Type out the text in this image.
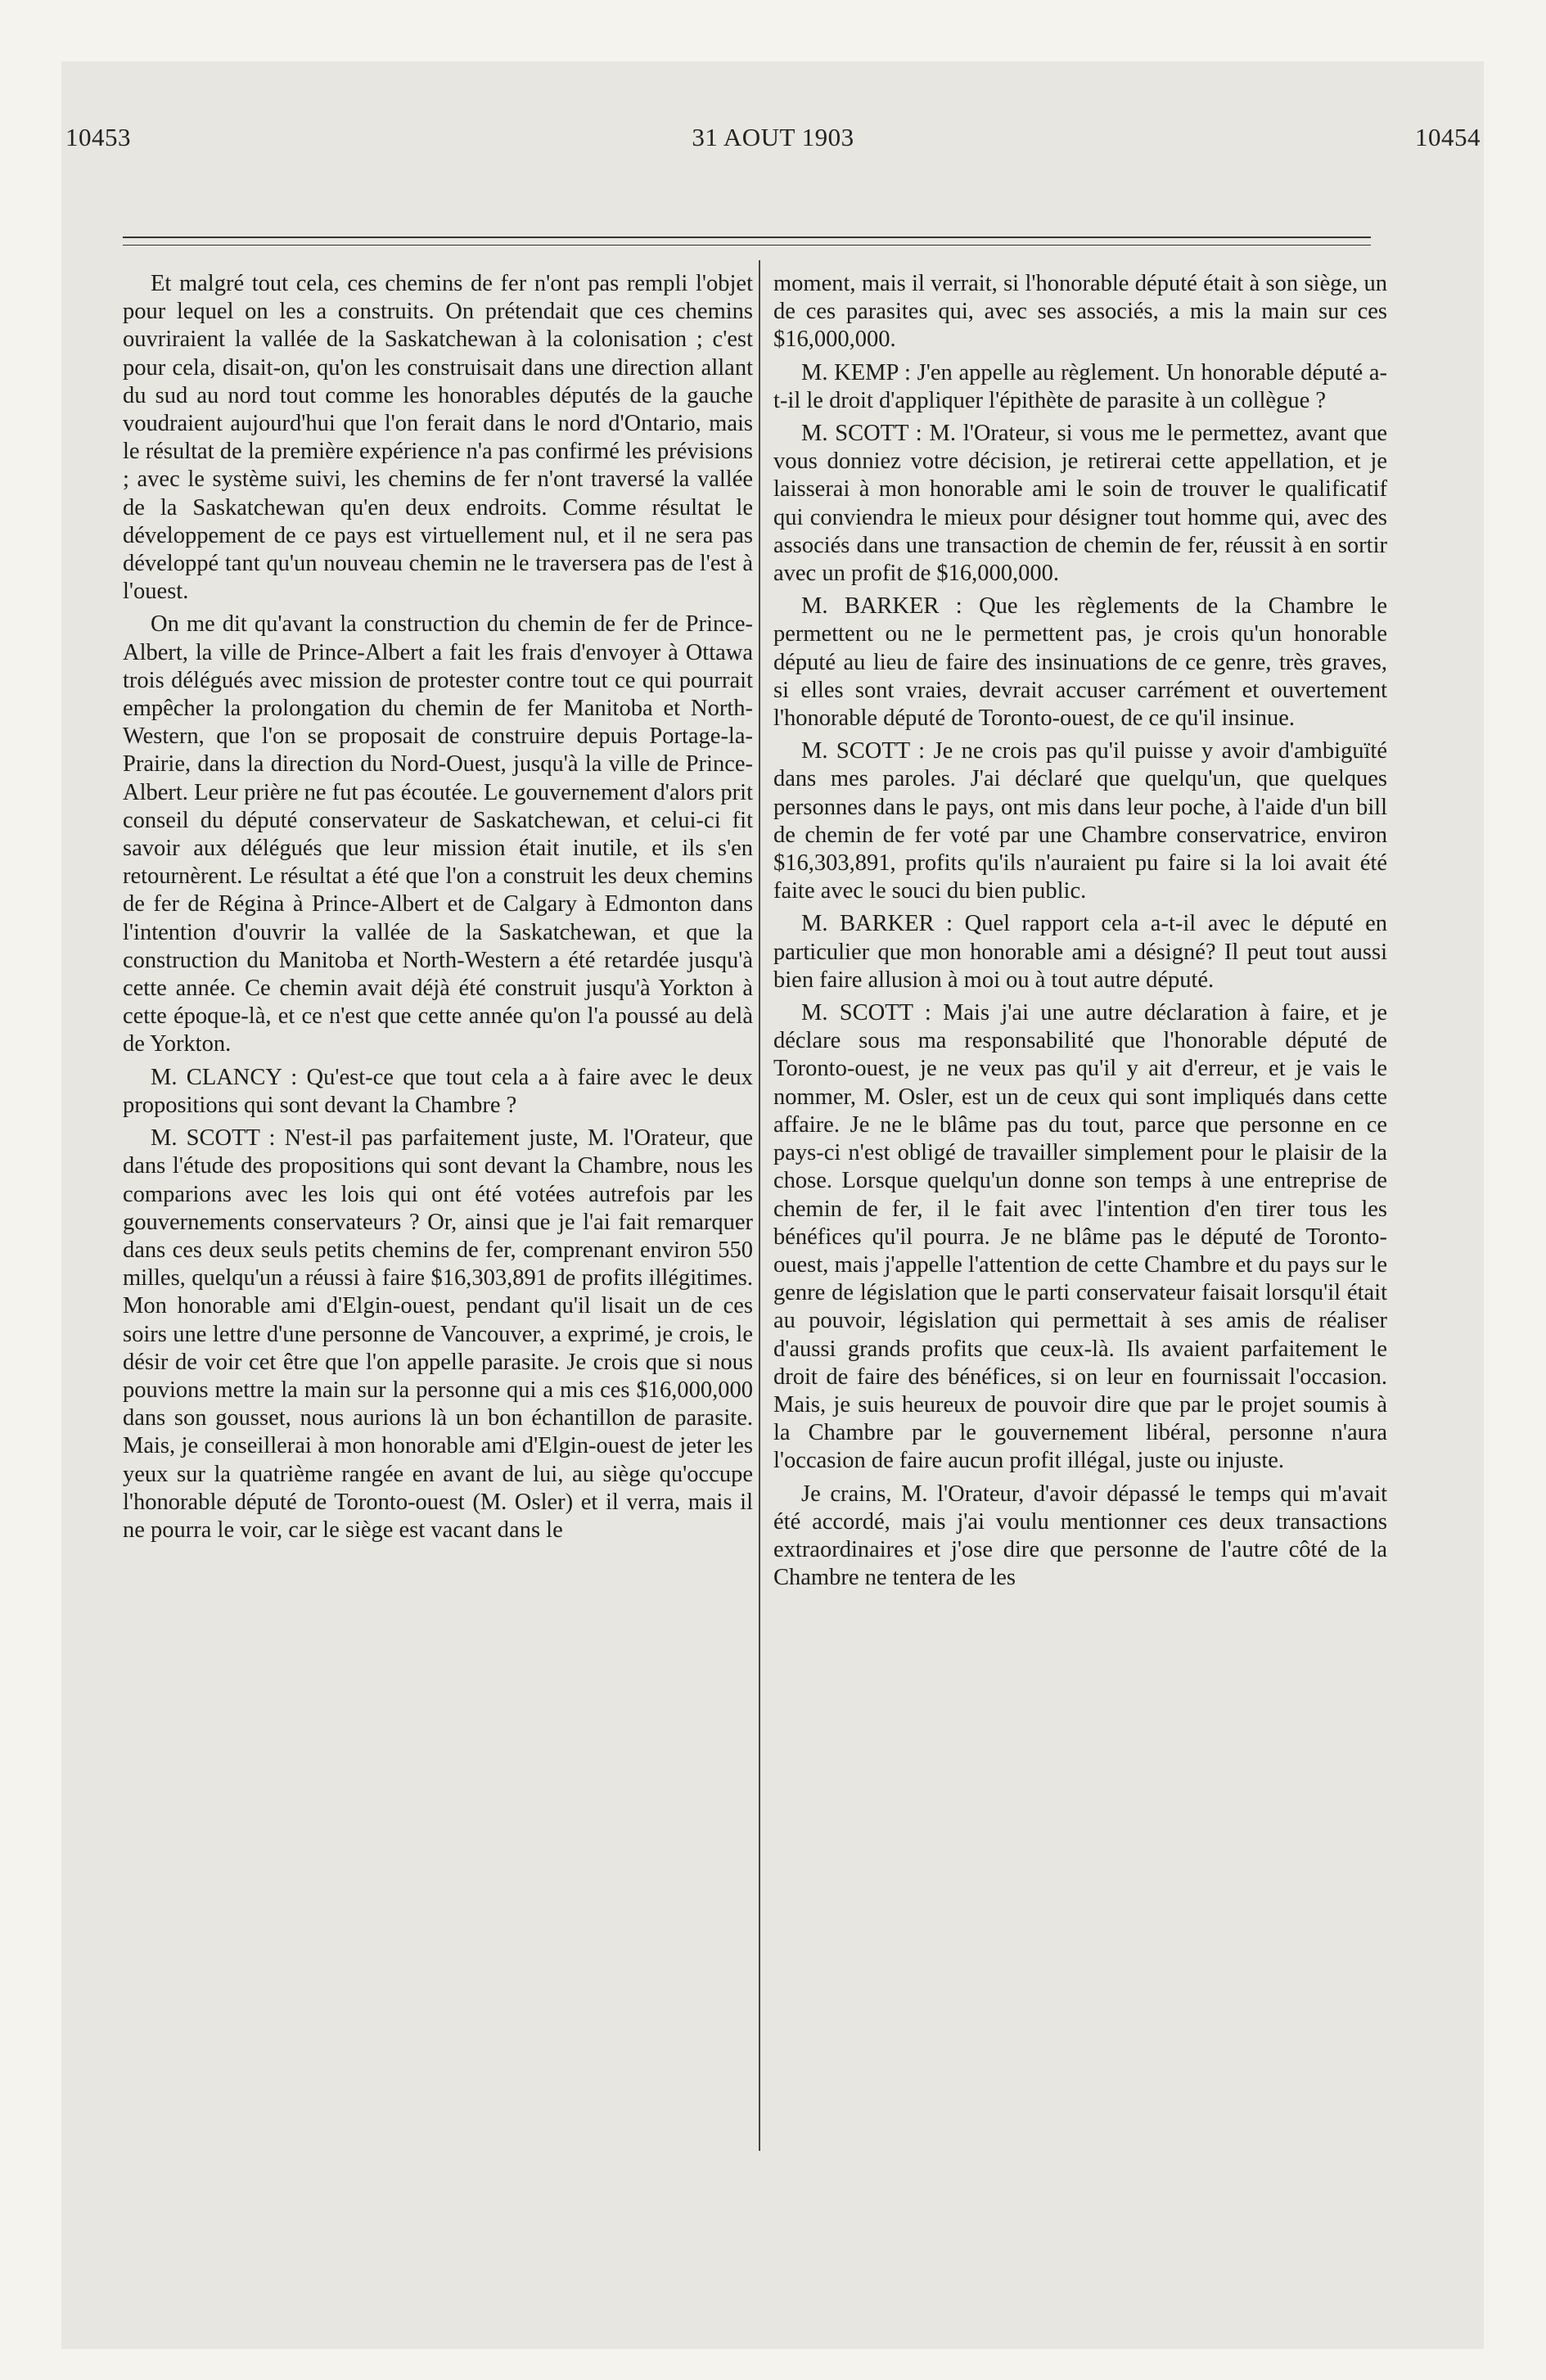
10453	31 AOUT 1903	10454

Et malgré tout cela, ces chemins de fer n'ont pas rempli l'objet pour lequel on les a construits. On prétendait que ces chemins ouvriraient la vallée de la Saskatchewan à la colonisation ; c'est pour cela, disait-on, qu'on les construisait dans une direction allant du sud au nord tout comme les honorables députés de la gauche voudraient aujourd'hui que l'on ferait dans le nord d'Ontario, mais le résultat de la première expérience n'a pas confirmé les prévisions ; avec le système suivi, les chemins de fer n'ont traversé la vallée de la Saskatchewan qu'en deux endroits. Comme résultat le développement de ce pays est virtuellement nul, et il ne sera pas développé tant qu'un nouveau chemin ne le traversera pas de l'est à l'ouest.

On me dit qu'avant la construction du chemin de fer de Prince-Albert, la ville de Prince-Albert a fait les frais d'envoyer à Ottawa trois délégués avec mission de protester contre tout ce qui pourrait empêcher la prolongation du chemin de fer Manitoba et North-Western, que l'on se proposait de construire depuis Portage-la-Prairie, dans la direction du Nord-Ouest, jusqu'à la ville de Prince-Albert. Leur prière ne fut pas écoutée. Le gouvernement d'alors prit conseil du député conservateur de Saskatchewan, et celui-ci fit savoir aux délégués que leur mission était inutile, et ils s'en retournèrent. Le résultat a été que l'on a construit les deux chemins de fer de Régina à Prince-Albert et de Calgary à Edmonton dans l'intention d'ouvrir la vallée de la Saskatchewan, et que la construction du Manitoba et North-Western a été retardée jusqu'à cette année. Ce chemin avait déjà été construit jusqu'à Yorkton à cette époque-là, et ce n'est que cette année qu'on l'a poussé au delà de Yorkton.

M. CLANCY : Qu'est-ce que tout cela a à faire avec le deux propositions qui sont devant la Chambre ?

M. SCOTT : N'est-il pas parfaitement juste, M. l'Orateur, que dans l'étude des propositions qui sont devant la Chambre, nous les comparions avec les lois qui ont été votées autrefois par les gouvernements conservateurs ? Or, ainsi que je l'ai fait remarquer dans ces deux seuls petits chemins de fer, comprenant environ 550 milles, quelqu'un a réussi à faire $16,303,891 de profits illégitimes. Mon honorable ami d'Elgin-ouest, pendant qu'il lisait un de ces soirs une lettre d'une personne de Vancouver, a exprimé, je crois, le désir de voir cet être que l'on appelle parasite. Je crois que si nous pouvions mettre la main sur la personne qui a mis ces $16,000,000 dans son gousset, nous aurions là un bon échantillon de parasite. Mais, je conseillerai à mon honorable ami d'Elgin-ouest de jeter les yeux sur la quatrième rangée en avant de lui, au siège qu'occupe l'honorable député de Toronto-ouest (M. Osler) et il verra, mais il ne pourra le voir, car le siège est vacant dans le

moment, mais il verrait, si l'honorable député était à son siège, un de ces parasites qui, avec ses associés, a mis la main sur ces $16,000,000.

M. KEMP : J'en appelle au règlement. Un honorable député a-t-il le droit d'appliquer l'épithète de parasite à un collègue ?

M. SCOTT : M. l'Orateur, si vous me le permettez, avant que vous donniez votre décision, je retirerai cette appellation, et je laisserai à mon honorable ami le soin de trouver le qualificatif qui conviendra le mieux pour désigner tout homme qui, avec des associés dans une transaction de chemin de fer, réussit à en sortir avec un profit de $16,000,000.

M. BARKER : Que les règlements de la Chambre le permettent ou ne le permettent pas, je crois qu'un honorable député au lieu de faire des insinuations de ce genre, très graves, si elles sont vraies, devrait accuser carrément et ouvertement l'honorable député de Toronto-ouest, de ce qu'il insinue.

M. SCOTT : Je ne crois pas qu'il puisse y avoir d'ambiguïté dans mes paroles. J'ai déclaré que quelqu'un, que quelques personnes dans le pays, ont mis dans leur poche, à l'aide d'un bill de chemin de fer voté par une Chambre conservatrice, environ $16,303,891, profits qu'ils n'auraient pu faire si la loi avait été faite avec le souci du bien public.

M. BARKER : Quel rapport cela a-t-il avec le député en particulier que mon honorable ami a désigné? Il peut tout aussi bien faire allusion à moi ou à tout autre député.

M. SCOTT : Mais j'ai une autre déclaration à faire, et je déclare sous ma responsabilité que l'honorable député de Toronto-ouest, je ne veux pas qu'il y ait d'erreur, et je vais le nommer, M. Osler, est un de ceux qui sont impliqués dans cette affaire. Je ne le blâme pas du tout, parce que personne en ce pays-ci n'est obligé de travailler simplement pour le plaisir de la chose. Lorsque quelqu'un donne son temps à une entreprise de chemin de fer, il le fait avec l'intention d'en tirer tous les bénéfices qu'il pourra. Je ne blâme pas le député de Toronto-ouest, mais j'appelle l'attention de cette Chambre et du pays sur le genre de législation que le parti conservateur faisait lorsqu'il était au pouvoir, législation qui permettait à ses amis de réaliser d'aussi grands profits que ceux-là. Ils avaient parfaitement le droit de faire des bénéfices, si on leur en fournissait l'occasion. Mais, je suis heureux de pouvoir dire que par le projet soumis à la Chambre par le gouvernement libéral, personne n'aura l'occasion de faire aucun profit illégal, juste ou injuste.

Je crains, M. l'Orateur, d'avoir dépassé le temps qui m'avait été accordé, mais j'ai voulu mentionner ces deux transactions extraordinaires et j'ose dire que personne de l'autre côté de la Chambre ne tentera de les
